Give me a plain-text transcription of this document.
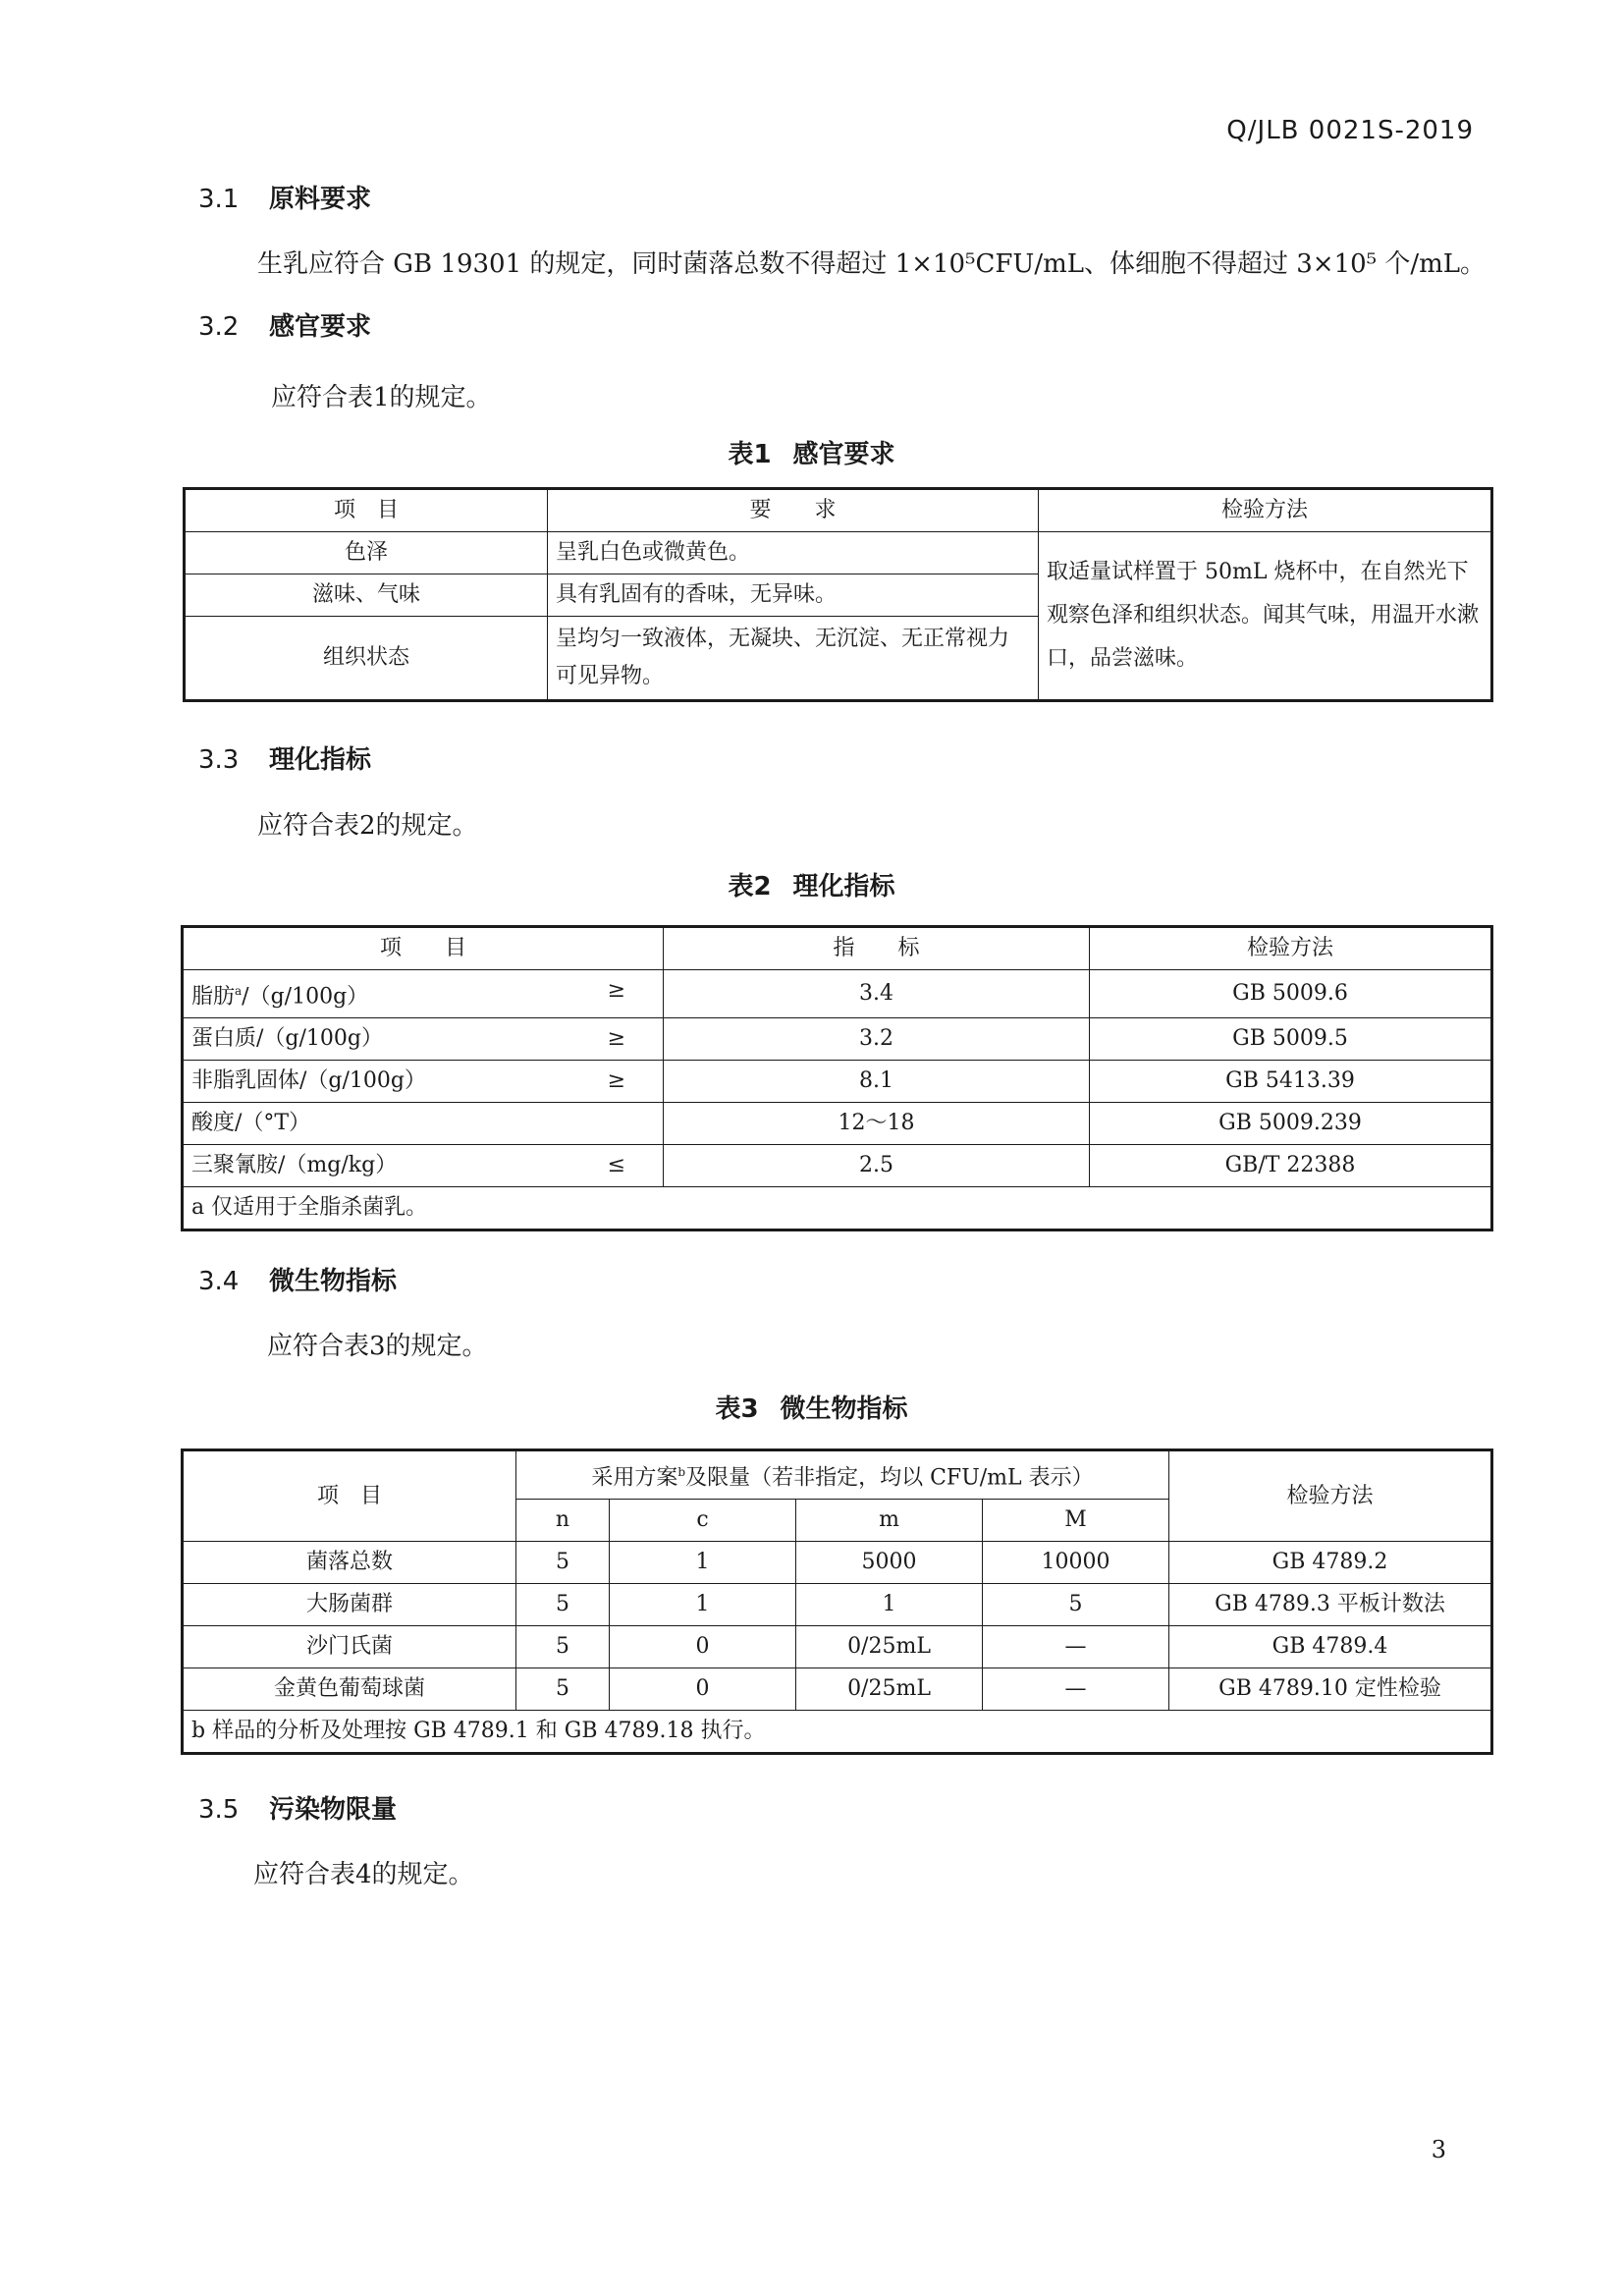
Q/JLB 0021S-2019
3.1 原料要求
生乳应符合 GB 19301 的规定，同时菌落总数不得超过 1×10⁵CFU/mL、体细胞不得超过 3×10⁵ 个/mL。
3.2 感官要求
应符合表1的规定。
表1 感官要求
项　目	要　　求	检验方法
色泽	呈乳白色或微黄色。	取适量试样置于 50mL 烧杯中，在自然光下观察色泽和组织状态。闻其气味，用温开水漱口，品尝滋味。
滋味、气味	具有乳固有的香味，无异味。	
组织状态	呈均匀一致液体，无凝块、无沉淀、无正常视力可见异物。	
3.3 理化指标
应符合表2的规定。
表2 理化指标
项　　目	指　　标	检验方法
脂肪$^a$/（g/100g） ≥	3.4	GB 5009.6
蛋白质/（g/100g） ≥	3.2	GB 5009.5
非脂乳固体/（g/100g） ≥	8.1	GB 5413.39
酸度/（°T）	12～18	GB 5009.239
三聚氰胺/（mg/kg） ≤	2.5	GB/T 22388
a 仅适用于全脂杀菌乳。		
3.4 微生物指标
应符合表3的规定。
表3 微生物指标
项　目	采用方案$^b$及限量（若非指定，均以 CFU/mL 表示）				检验方法
	n	c	m	M	
菌落总数	5	1	5000	10000	GB 4789.2
大肠菌群	5	1	1	5	GB 4789.3 平板计数法
沙门氏菌	5	0	0/25mL	—	GB 4789.4
金黄色葡萄球菌	5	0	0/25mL	—	GB 4789.10 定性检验
b 样品的分析及处理按 GB 4789.1 和 GB 4789.18 执行。					
3.5 污染物限量
应符合表4的规定。
3
